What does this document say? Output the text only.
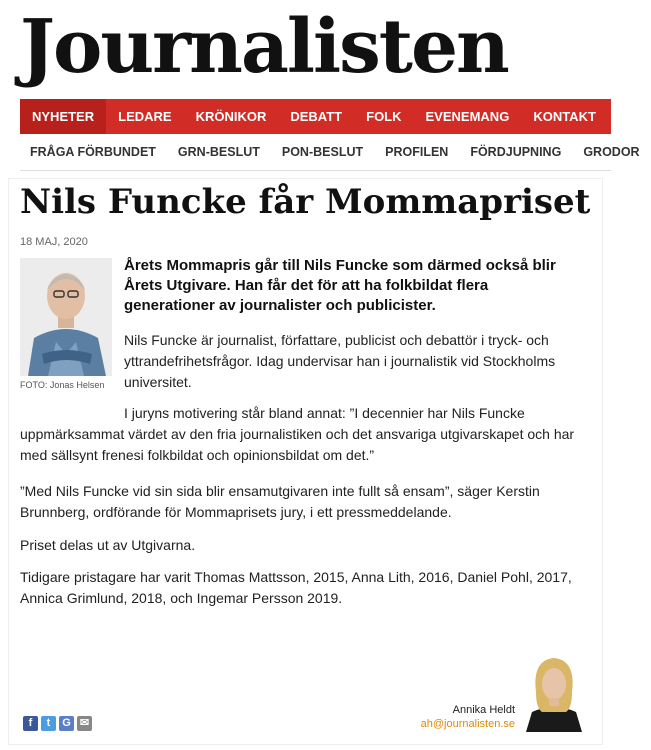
Journalisten
NYHETER	LEDARE	KRÖNIKOR	DEBATT	FOLK	EVENEMANG	KONTAKT
FRÅGA FÖRBUNDET	GRN-BESLUT	PON-BESLUT	PROFILEN	FÖRDJUPNING	GRODOR
Nils Funcke får Mommapriset
18 MAJ, 2020
FOTO: Jonas Helsen

Årets Mommapris går till Nils Funcke som därmed också blir Årets Utgivare. Han får det för att ha folkbildat flera generationer av journalister och publicister.

Nils Funcke är journalist, författare, publicist och debattör i tryck- och yttrandefrihetsfrågor. Idag undervisar han i journalistik vid Stockholms universitet.

I juryns motivering står bland annat: ”I decennier har Nils Funcke uppmärksammat värdet av den fria journalistiken och det ansvariga utgivarskapet och har med sällsynt frenesi folkbildat och opinionsbildat om det.”

”Med Nils Funcke vid sin sida blir ensamutgivaren inte fullt så ensam”, säger Kerstin Brunnberg, ordförande för Mommaprisets jury, i ett pressmeddelande.

Priset delas ut av Utgivarna.

Tidigare pristagare har varit Thomas Mattsson, 2015, Anna Lith, 2016, Daniel Pohl, 2017, Annica Grimlund, 2018, och Ingemar Persson 2019.

f	t	G ✉
Annika Heldt
ah@journalisten.se
